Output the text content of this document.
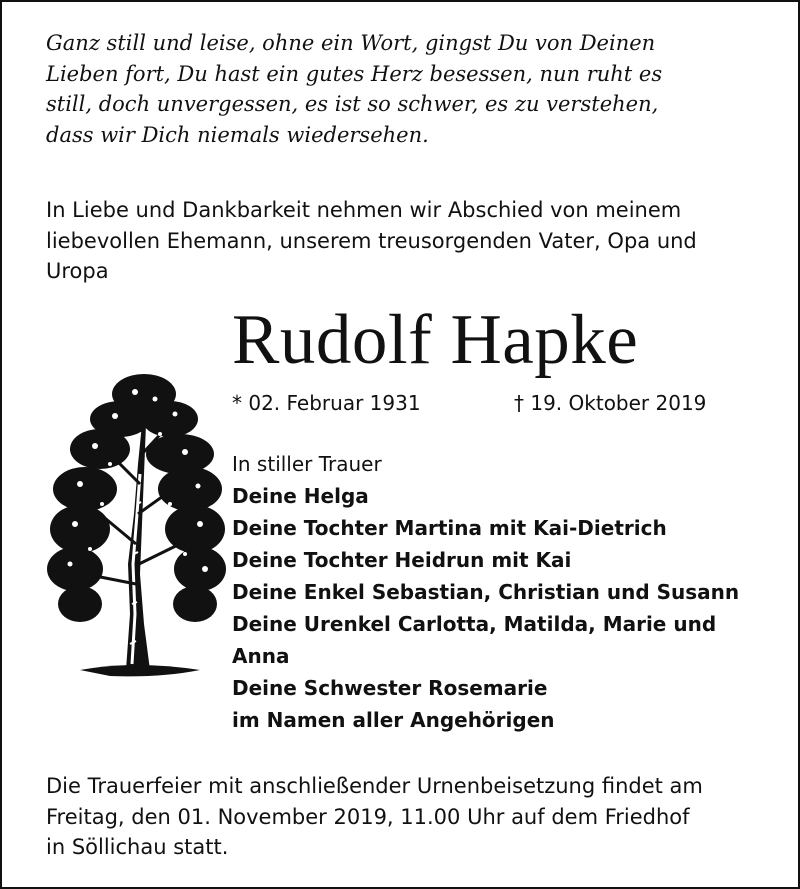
Ganz still und leise, ohne ein Wort, gingst Du von Deinen
Lieben fort, Du hast ein gutes Herz besessen, nun ruht es
still, doch unvergessen, es ist so schwer, es zu verstehen,
dass wir Dich niemals wiedersehen.
In Liebe und Dankbarkeit nehmen wir Abschied von meinem
liebevollen Ehemann, unserem treusorgenden Vater, Opa und
Uropa
Rudolf Hapke
* 02. Februar 1931	† 19. Oktober 2019
In stiller Trauer
Deine Helga
Deine Tochter Martina mit Kai-Dietrich
Deine Tochter Heidrun mit Kai
Deine Enkel Sebastian, Christian und Susann
Deine Urenkel Carlotta, Matilda, Marie und
Anna
Deine Schwester Rosemarie
im Namen aller Angehörigen
Die Trauerfeier mit anschließender Urnenbeisetzung findet am
Freitag, den 01. November 2019, 11.00 Uhr auf dem Friedhof
in Söllichau statt.
